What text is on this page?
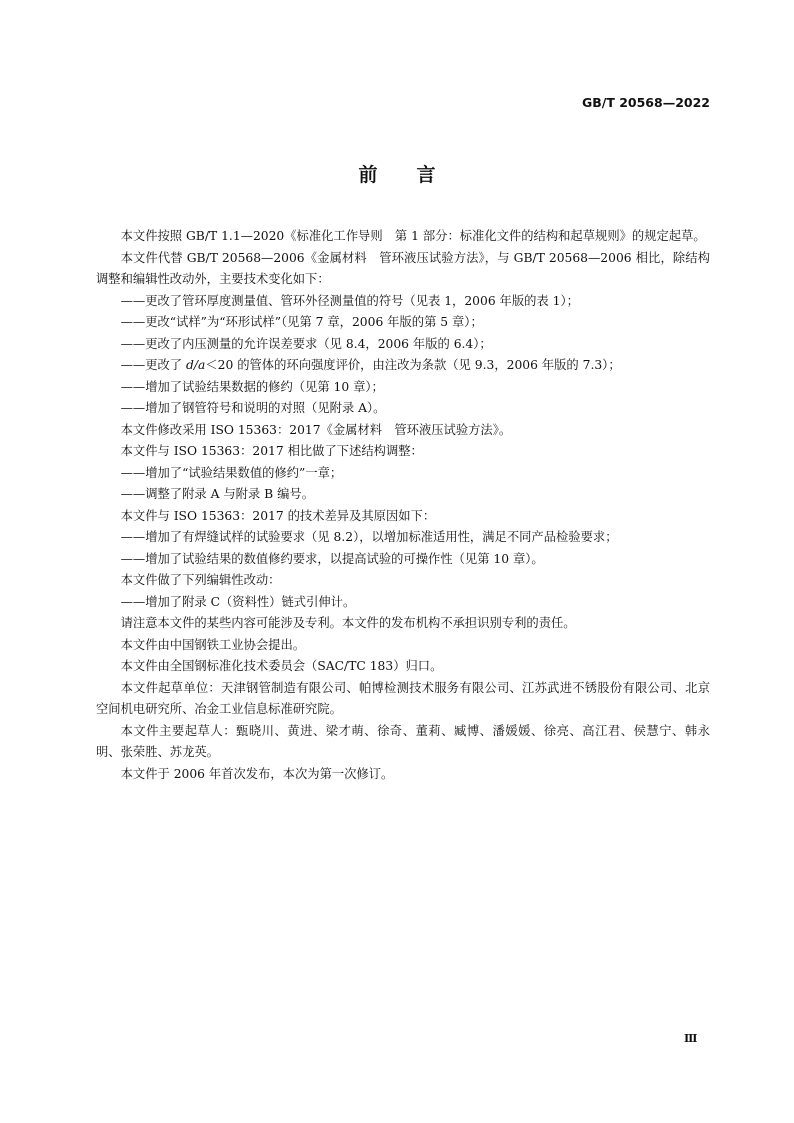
GB/T 20568—2022
前　言

本文件按照 GB/T 1.1—2020《标准化工作导则　第 1 部分：标准化文件的结构和起草规则》的规定起草。

本文件代替 GB/T 20568—2006《金属材料　管环液压试验方法》，与 GB/T 20568—2006 相比，除结构调整和编辑性改动外，主要技术变化如下：

——更改了管环厚度测量值、管环外径测量值的符号（见表 1，2006 年版的表 1）；

——更改“试样”为“环形试样”（见第 7 章，2006 年版的第 5 章）；

——更改了内压测量的允许误差要求（见 8.4，2006 年版的 6.4）；

——更改了 d/a＜20 的管体的环向强度评价，由注改为条款（见 9.3，2006 年版的 7.3）；

——增加了试验结果数据的修约（见第 10 章）；

——增加了钢管符号和说明的对照（见附录 A）。

本文件修改采用 ISO 15363：2017《金属材料　管环液压试验方法》。

本文件与 ISO 15363：2017 相比做了下述结构调整：

——增加了“试验结果数值的修约”一章；

——调整了附录 A 与附录 B 编号。

本文件与 ISO 15363：2017 的技术差异及其原因如下：

——增加了有焊缝试样的试验要求（见 8.2），以增加标准适用性，满足不同产品检验要求；

——增加了试验结果的数值修约要求，以提高试验的可操作性（见第 10 章）。

本文件做了下列编辑性改动：

——增加了附录 C（资料性）链式引伸计。

请注意本文件的某些内容可能涉及专利。本文件的发布机构不承担识别专利的责任。

本文件由中国钢铁工业协会提出。

本文件由全国钢标准化技术委员会（SAC/TC 183）归口。

本文件起草单位：天津钢管制造有限公司、帕博检测技术服务有限公司、江苏武进不锈股份有限公司、北京空间机电研究所、冶金工业信息标准研究院。

本文件主要起草人：甄晓川、黄进、梁才萌、徐奇、董莉、臧博、潘媛媛、徐亮、高江君、侯慧宁、韩永明、张荣胜、苏龙英。

本文件于 2006 年首次发布，本次为第一次修订。

Ⅲ
